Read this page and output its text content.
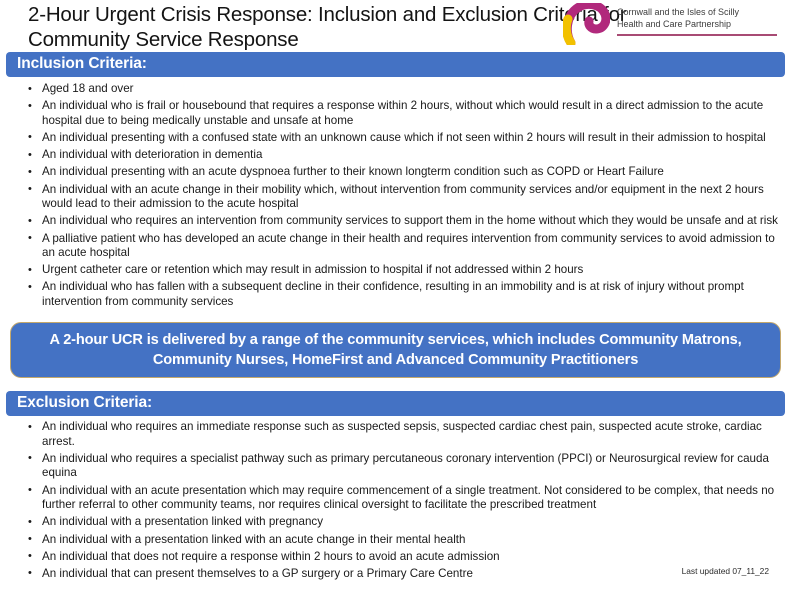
2-Hour Urgent Crisis Response: Inclusion and Exclusion Criteria for Community Service Response
Cornwall and the Isles of Scilly
Health and Care Partnership
Inclusion Criteria:
• Aged 18 and over
• An individual who is frail or housebound that requires a response within 2 hours, without which would result in a direct admission to the acute hospital due to being medically unstable and unsafe at home
• An individual presenting with a confused state with an unknown cause which if not seen within 2 hours will result in their admission to hospital
• An individual with deterioration in dementia
• An individual presenting with an acute dyspnoea further to their known longterm condition such as COPD or Heart Failure
• An individual with an acute change in their mobility which, without intervention from community services and/or equipment in the next 2 hours would lead to their admission to the acute hospital
• An individual who requires an intervention from community services to support them in the home without which they would be unsafe and at risk
• A palliative patient who has developed an acute change in their health and requires intervention from community services to avoid admission to an acute hospital
• Urgent catheter care or retention which may result in admission to hospital if not addressed within 2 hours
• An individual who has fallen with a subsequent decline in their confidence, resulting in an immobility and is at risk of injury without prompt intervention from community services
A 2-hour UCR is delivered by a range of the community services, which includes Community Matrons, Community Nurses, HomeFirst and Advanced Community Practitioners
Exclusion Criteria:
• An individual who requires an immediate response such as suspected sepsis, suspected cardiac chest pain, suspected acute stroke, cardiac arrest.
• An individual who requires a specialist pathway such as primary percutaneous coronary intervention (PPCI) or Neurosurgical review for cauda equina
• An individual with an acute presentation which may require commencement of a single treatment. Not considered to be complex, that needs no further referral to other community teams, nor requires clinical oversight to facilitate the prescribed treatment
• An individual with a presentation linked with pregnancy
• An individual with a presentation linked with an acute change in their mental health
• An individual that does not require a response within 2 hours to avoid an acute admission
• An individual that can present themselves to a GP surgery or a Primary Care Centre	Last updated 07_11_22
